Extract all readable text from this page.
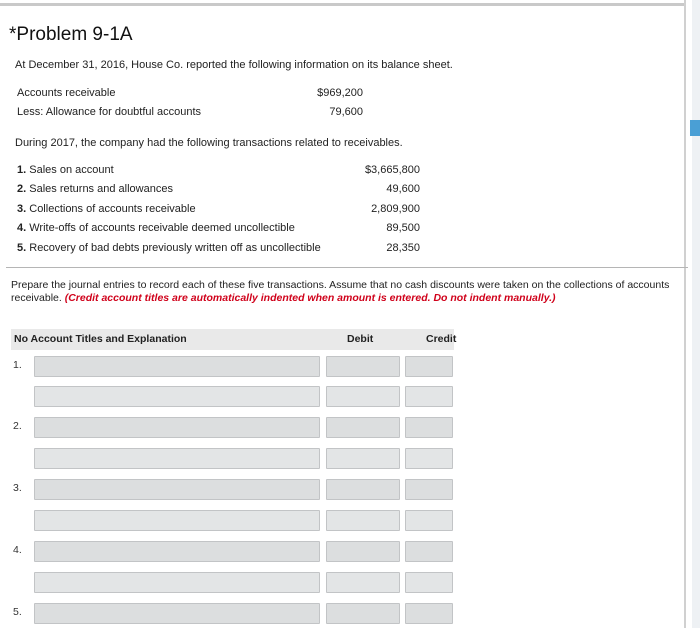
*Problem 9-1A
At December 31, 2016, House Co. reported the following information on its balance sheet.
Accounts receivable	$969,200
Less: Allowance for doubtful accounts	79,600
During 2017, the company had the following transactions related to receivables.
1. Sales on account	$3,665,800
2. Sales returns and allowances	49,600
3. Collections of accounts receivable	2,809,900
4. Write-offs of accounts receivable deemed uncollectible	89,500
5. Recovery of bad debts previously written off as uncollectible	28,350
Prepare the journal entries to record each of these five transactions. Assume that no cash discounts were taken on the collections of accounts receivable. (Credit account titles are automatically indented when amount is entered. Do not indent manually.)
No Account Titles and Explanation	Debit	Credit
1.
2.
3.
4.
5.
